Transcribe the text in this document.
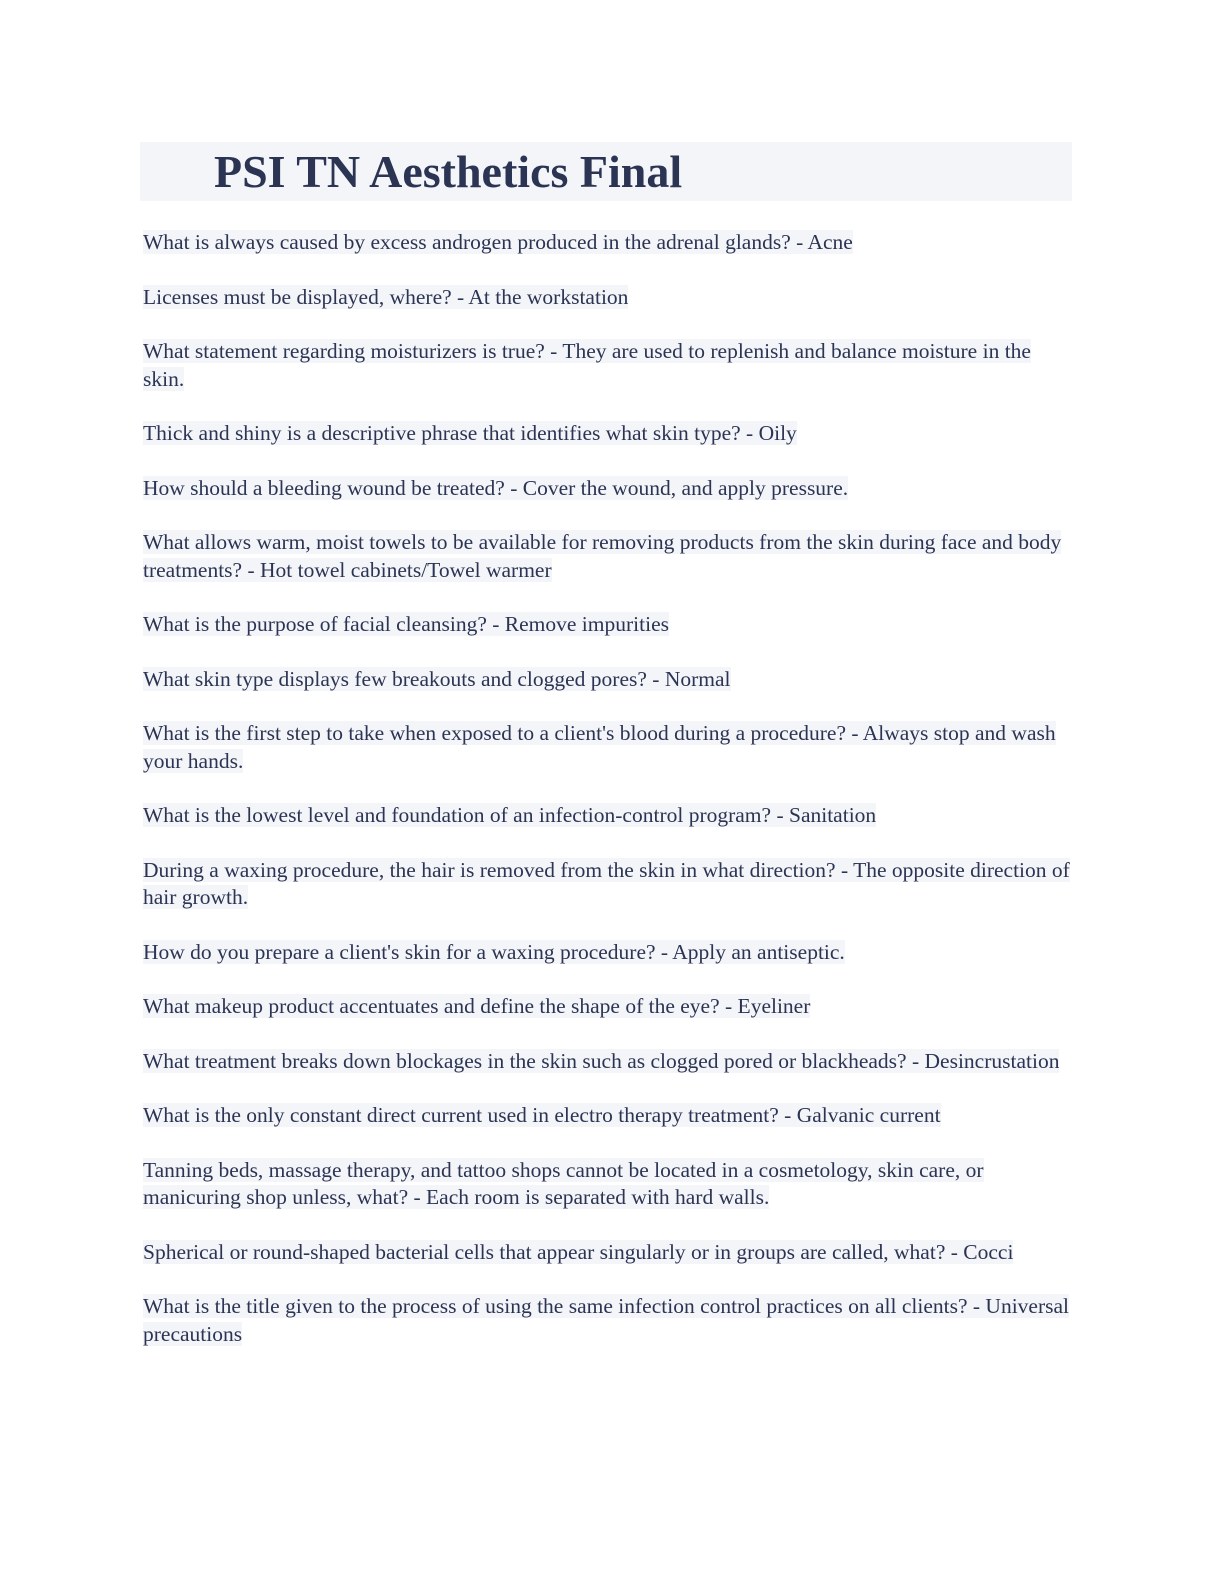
PSI TN Aesthetics Final

What is always caused by excess androgen produced in the adrenal glands? - Acne

Licenses must be displayed, where? - At the workstation

What statement regarding moisturizers is true? - They are used to replenish and balance moisture in the skin.

Thick and shiny is a descriptive phrase that identifies what skin type? - Oily

How should a bleeding wound be treated? - Cover the wound, and apply pressure.

What allows warm, moist towels to be available for removing products from the skin during face and body treatments? - Hot towel cabinets/Towel warmer

What is the purpose of facial cleansing? - Remove impurities

What skin type displays few breakouts and clogged pores? - Normal

What is the first step to take when exposed to a client's blood during a procedure? - Always stop and wash your hands.

What is the lowest level and foundation of an infection-control program? - Sanitation

During a waxing procedure, the hair is removed from the skin in what direction? - The opposite direction of hair growth.

How do you prepare a client's skin for a waxing procedure? - Apply an antiseptic.

What makeup product accentuates and define the shape of the eye? - Eyeliner

What treatment breaks down blockages in the skin such as clogged pored or blackheads? - Desincrustation

What is the only constant direct current used in electro therapy treatment? - Galvanic current

Tanning beds, massage therapy, and tattoo shops cannot be located in a cosmetology, skin care, or manicuring shop unless, what? - Each room is separated with hard walls.

Spherical or round-shaped bacterial cells that appear singularly or in groups are called, what? - Cocci

What is the title given to the process of using the same infection control practices on all clients? - Universal precautions
